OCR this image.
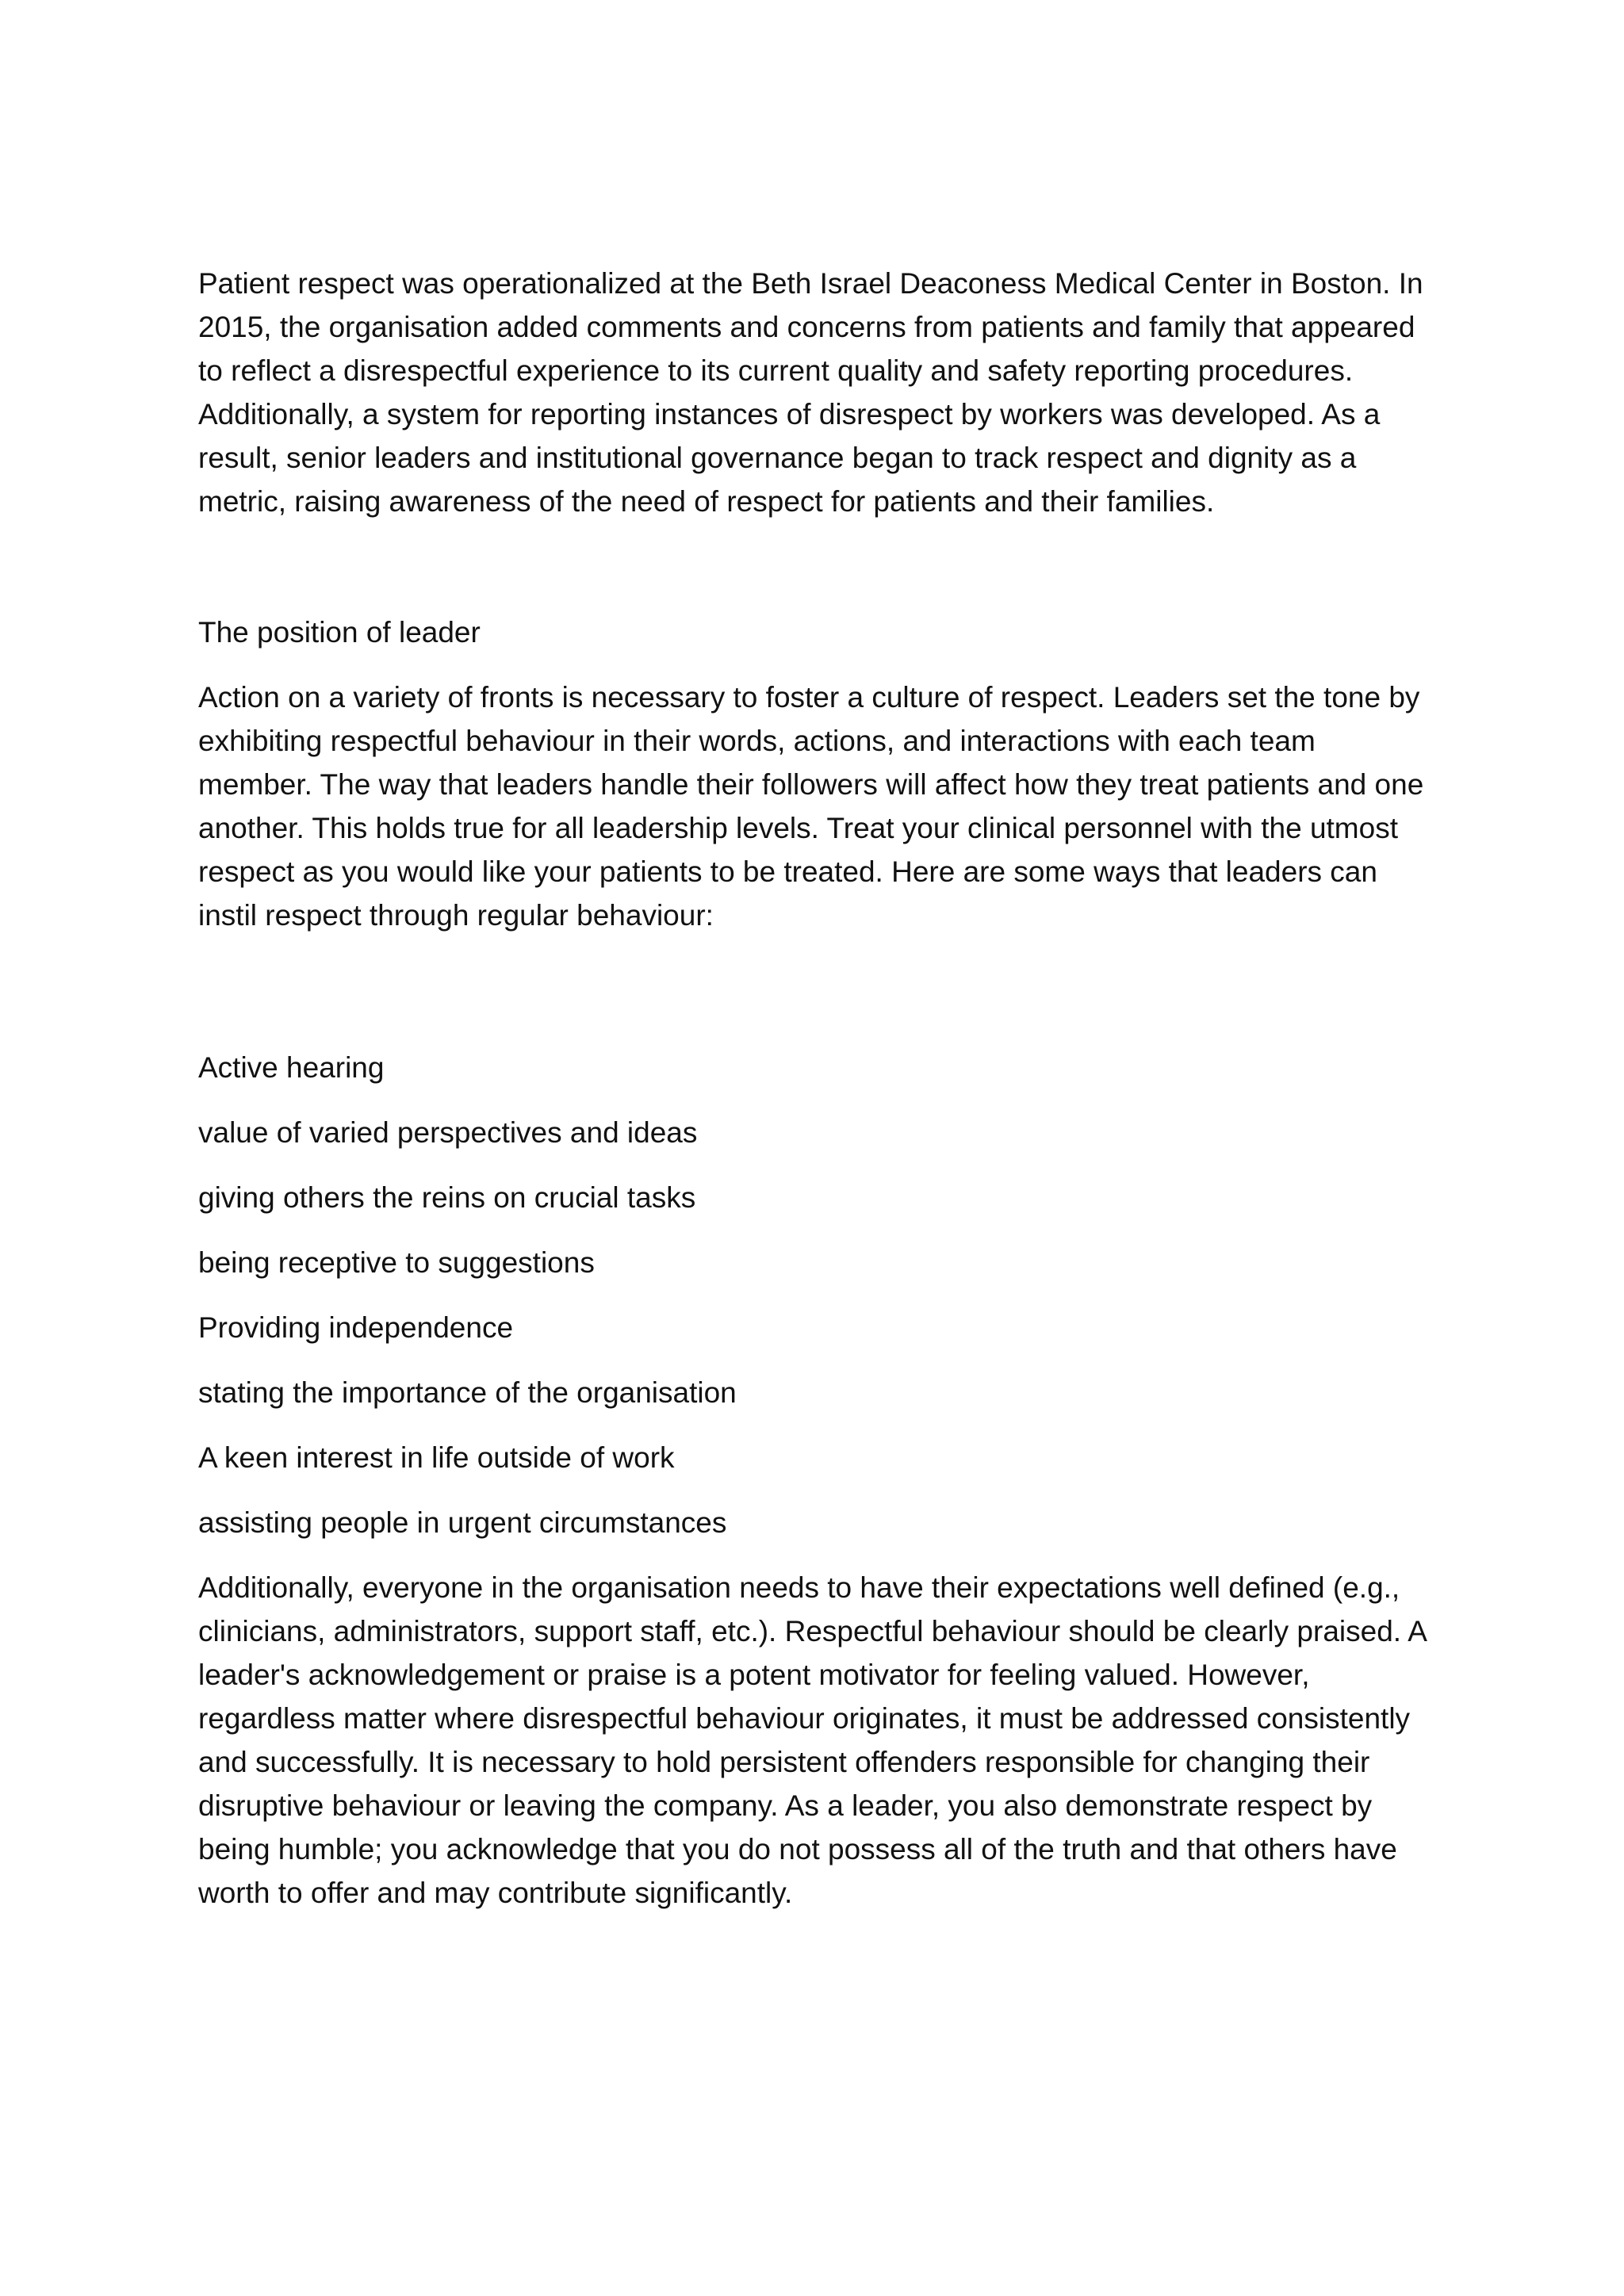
Patient respect was operationalized at the Beth Israel Deaconess Medical Center in Boston. In 2015, the organisation added comments and concerns from patients and family that appeared to reflect a disrespectful experience to its current quality and safety reporting procedures. Additionally, a system for reporting instances of disrespect by workers was developed. As a result, senior leaders and institutional governance began to track respect and dignity as a metric, raising awareness of the need of respect for patients and their families.

The position of leader

Action on a variety of fronts is necessary to foster a culture of respect. Leaders set the tone by exhibiting respectful behaviour in their words, actions, and interactions with each team member. The way that leaders handle their followers will affect how they treat patients and one another. This holds true for all leadership levels. Treat your clinical personnel with the utmost respect as you would like your patients to be treated. Here are some ways that leaders can instil respect through regular behaviour:

Active hearing

value of varied perspectives and ideas

giving others the reins on crucial tasks

being receptive to suggestions

Providing independence

stating the importance of the organisation

A keen interest in life outside of work

assisting people in urgent circumstances

Additionally, everyone in the organisation needs to have their expectations well defined (e.g., clinicians, administrators, support staff, etc.). Respectful behaviour should be clearly praised. A leader's acknowledgement or praise is a potent motivator for feeling valued. However, regardless matter where disrespectful behaviour originates, it must be addressed consistently and successfully. It is necessary to hold persistent offenders responsible for changing their disruptive behaviour or leaving the company. As a leader, you also demonstrate respect by being humble; you acknowledge that you do not possess all of the truth and that others have worth to offer and may contribute significantly.
